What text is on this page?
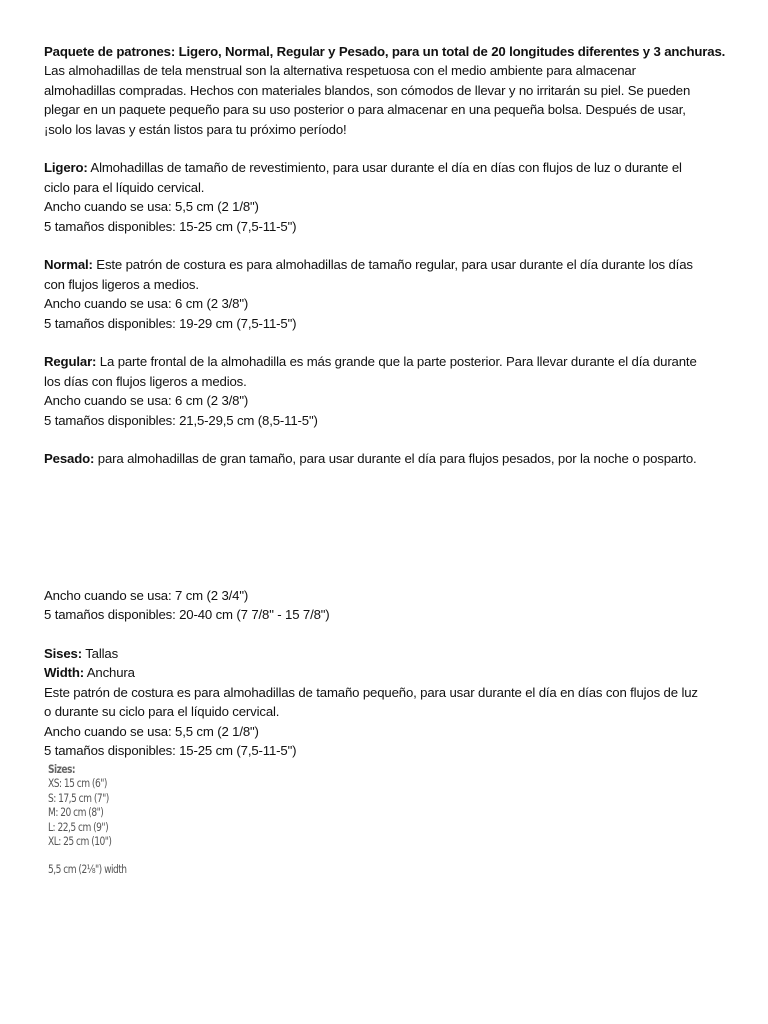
Paquete de patrones: Ligero, Normal, Regular y Pesado, para un total de 20 longitudes diferentes y 3 anchuras.

Las almohadillas de tela menstrual son la alternativa respetuosa con el medio ambiente para almacenar

almohadillas compradas. Hechos con materiales blandos, son cómodos de llevar y no irritarán su piel. Se pueden

plegar en un paquete pequeño para su uso posterior o para almacenar en una pequeña bolsa. Después de usar,

¡solo los lavas y están listos para tu próximo período!

Ligero: Almohadillas de tamaño de revestimiento, para usar durante el día en días con flujos de luz o durante el

ciclo para el líquido cervical.

Ancho cuando se usa: 5,5 cm (2 1/8")

5 tamaños disponibles: 15-25 cm (7,5-11-5")

Normal: Este patrón de costura es para almohadillas de tamaño regular, para usar durante el día durante los días

con flujos ligeros a medios.

Ancho cuando se usa: 6 cm (2 3/8")

5 tamaños disponibles: 19-29 cm (7,5-11-5")

Regular: La parte frontal de la almohadilla es más grande que la parte posterior. Para llevar durante el día durante

los días con flujos ligeros a medios.

Ancho cuando se usa: 6 cm (2 3/8")

5 tamaños disponibles: 21,5-29,5 cm (8,5-11-5")

Pesado: para almohadillas de gran tamaño, para usar durante el día para flujos pesados, por la noche o posparto.

Ancho cuando se usa: 7 cm (2 3/4")

5 tamaños disponibles: 20-40 cm (7 7/8" - 15 7/8")

Sises: Tallas

Width: Anchura

Este patrón de costura es para almohadillas de tamaño pequeño, para usar durante el día en días con flujos de luz

o durante su ciclo para el líquido cervical.

Ancho cuando se usa: 5,5 cm (2 1/8")

5 tamaños disponibles: 15-25 cm (7,5-11-5")

Sizes:
XS: 15 cm (6")
S: 17,5 cm (7")
M: 20 cm (8")
L: 22,5 cm (9")
XL: 25 cm (10")
5,5 cm (2⅛") width
